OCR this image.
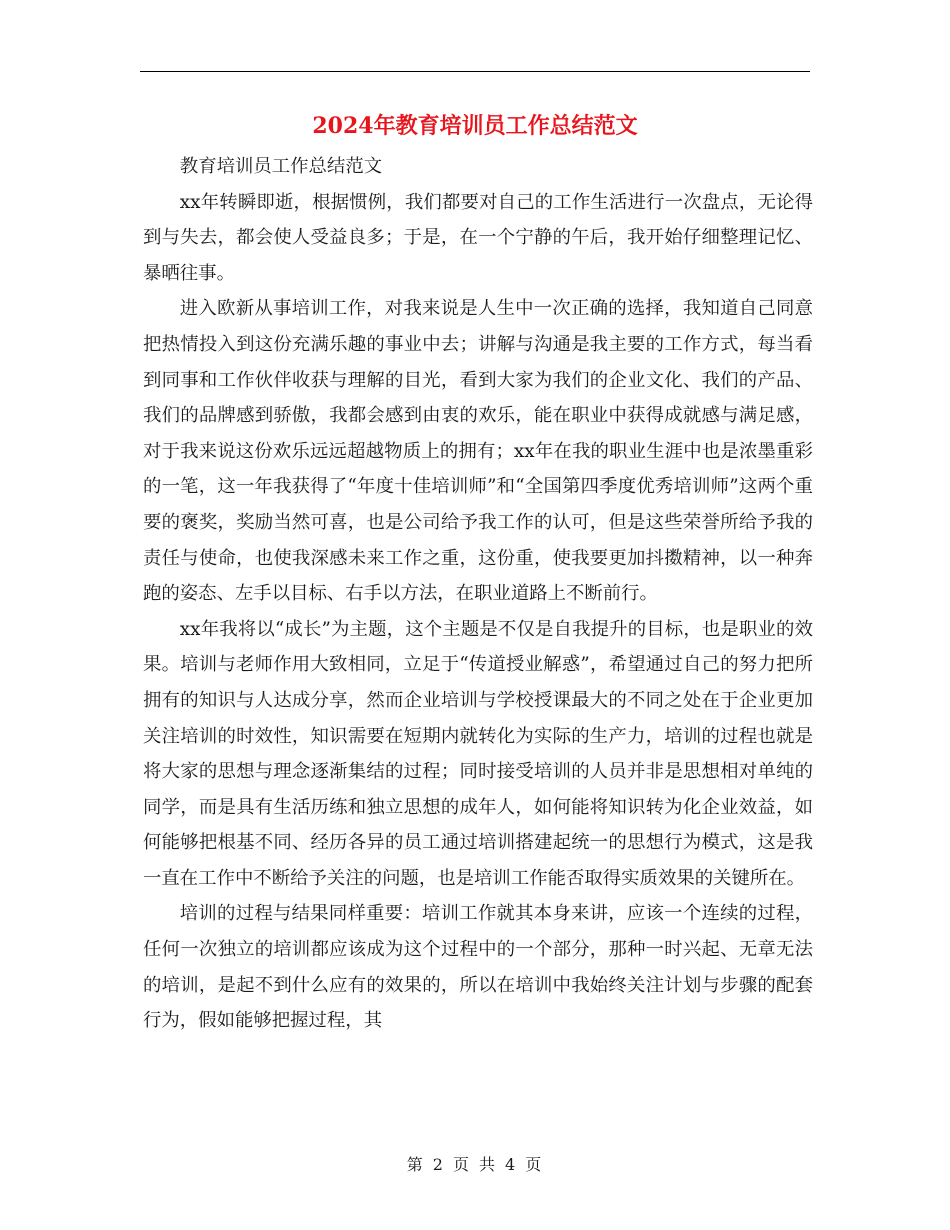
2024年教育培训员工作总结范文

教育培训员工作总结范文

xx年转瞬即逝，根据惯例，我们都要对自己的工作生活进行一次盘点，无论得到与失去，都会使人受益良多；于是，在一个宁静的午后，我开始仔细整理记忆、暴晒往事。

进入欧新从事培训工作，对我来说是人生中一次正确的选择，我知道自己同意把热情投入到这份充满乐趣的事业中去；讲解与沟通是我主要的工作方式，每当看到同事和工作伙伴收获与理解的目光，看到大家为我们的企业文化、我们的产品、我们的品牌感到骄傲，我都会感到由衷的欢乐，能在职业中获得成就感与满足感，对于我来说这份欢乐远远超越物质上的拥有；xx年在我的职业生涯中也是浓墨重彩的一笔，这一年我获得了“年度十佳培训师”和“全国第四季度优秀培训师”这两个重要的褒奖，奖励当然可喜，也是公司给予我工作的认可，但是这些荣誉所给予我的责任与使命，也使我深感未来工作之重，这份重，使我要更加抖擞精神，以一种奔跑的姿态、左手以目标、右手以方法，在职业道路上不断前行。

xx年我将以“成长”为主题，这个主题是不仅是自我提升的目标，也是职业的效果。培训与老师作用大致相同，立足于“传道授业解惑”，希望通过自己的努力把所拥有的知识与人达成分享，然而企业培训与学校授课最大的不同之处在于企业更加关注培训的时效性，知识需要在短期内就转化为实际的生产力，培训的过程也就是将大家的思想与理念逐渐集结的过程；同时接受培训的人员并非是思想相对单纯的同学，而是具有生活历练和独立思想的成年人，如何能将知识转为化企业效益，如何能够把根基不同、经历各异的员工通过培训搭建起统一的思想行为模式，这是我一直在工作中不断给予关注的问题，也是培训工作能否取得实质效果的关键所在。

培训的过程与结果同样重要：培训工作就其本身来讲，应该一个连续的过程，任何一次独立的培训都应该成为这个过程中的一个部分，那种一时兴起、无章无法的培训，是起不到什么应有的效果的，所以在培训中我始终关注计划与步骤的配套行为，假如能够把握过程，其

第 2 页 共 4 页
